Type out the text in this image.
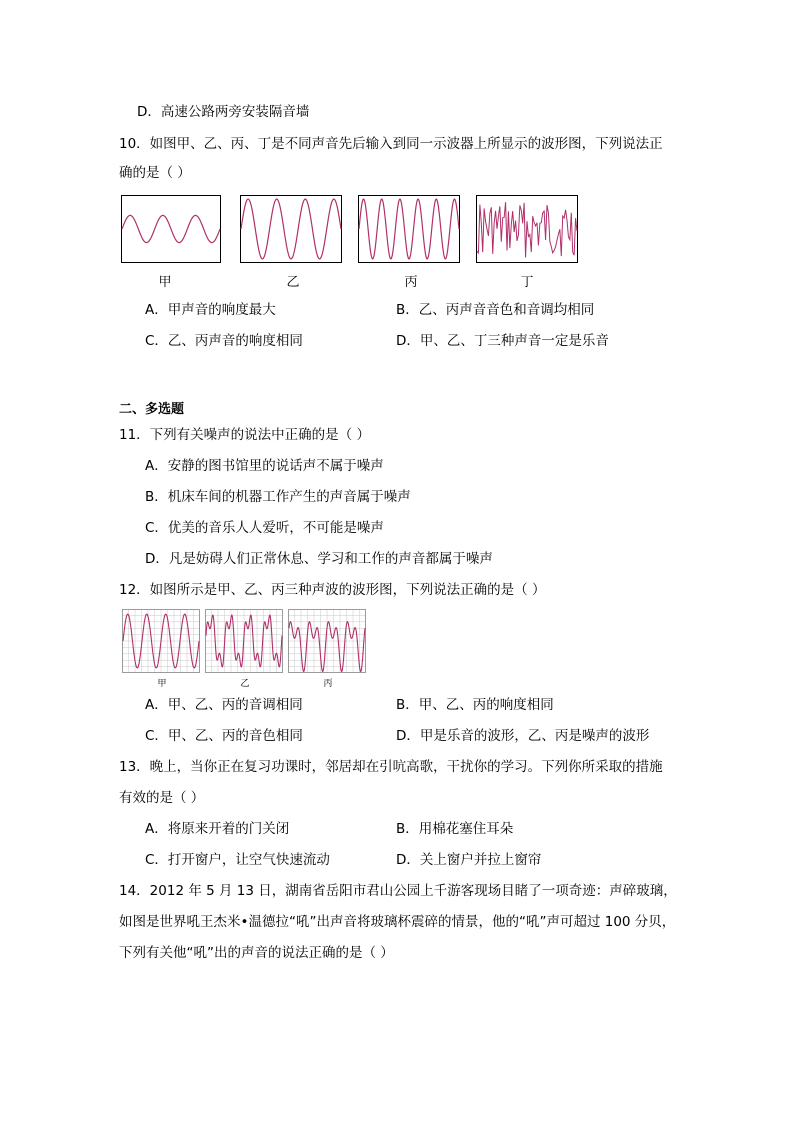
D．高速公路两旁安装隔音墙
10．如图甲、乙、丙、丁是不同声音先后输入到同一示波器上所显示的波形图，下列说法正
确的是（ ）
甲	乙	丙	丁
A．甲声音的响度最大	B．乙、丙声音音色和音调均相同
C．乙、丙声音的响度相同	D．甲、乙、丁三种声音一定是乐音
二、多选题
11．下列有关噪声的说法中正确的是（ ）
A．安静的图书馆里的说话声不属于噪声
B．机床车间的机器工作产生的声音属于噪声
C．优美的音乐人人爱听，不可能是噪声
D．凡是妨碍人们正常休息、学习和工作的声音都属于噪声
12．如图所示是甲、乙、丙三种声波的波形图，下列说法正确的是（ ）
甲	乙	丙
A．甲、乙、丙的音调相同	B．甲、乙、丙的响度相同
C．甲、乙、丙的音色相同	D．甲是乐音的波形，乙、丙是噪声的波形
13．晚上，当你正在复习功课时，邻居却在引吭高歌，干扰你的学习。下列你所采取的措施
有效的是（ ）
A．将原来开着的门关闭	B．用棉花塞住耳朵
C．打开窗户，让空气快速流动	D．关上窗户并拉上窗帘
14．2012 年 5 月 13 日，湖南省岳阳市君山公园上千游客现场目睹了一项奇迹：声碎玻璃，
如图是世界吼王杰米•温德拉“吼”出声音将玻璃杯震碎的情景，他的“吼”声可超过 100 分贝，
下列有关他“吼”出的声音的说法正确的是（ ）
